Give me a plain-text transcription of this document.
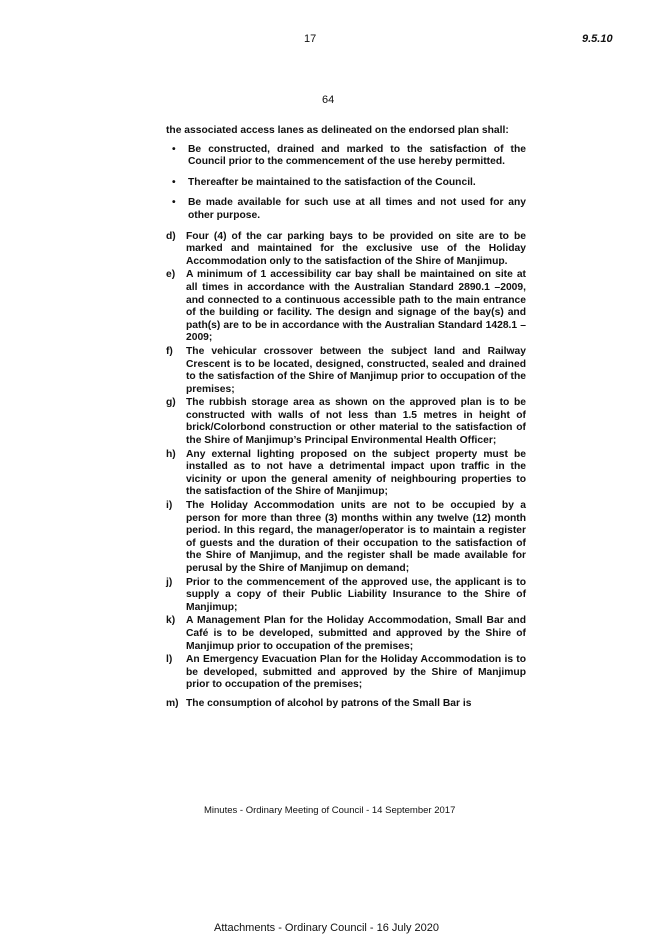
17	9.5.10
64

the associated access lanes as delineated on the endorsed plan shall:

• Be constructed, drained and marked to the satisfaction of the Council prior to the commencement of the use hereby permitted.
• Thereafter be maintained to the satisfaction of the Council.
• Be made available for such use at all times and not used for any other purpose.
d) Four (4) of the car parking bays to be provided on site are to be marked and maintained for the exclusive use of the Holiday Accommodation only to the satisfaction of the Shire of Manjimup.
e)	A minimum of 1 accessibility car bay shall be maintained on site at all times in accordance with the Australian Standard 2890.1 –2009, and connected to a continuous accessible path to the main entrance of the building or facility. The design and signage of the bay(s) and path(s) are to be in accordance with the Australian Standard 1428.1 – 2009;
f)	The vehicular crossover between the subject land and Railway Crescent is to be located, designed, constructed, sealed and drained to the satisfaction of the Shire of Manjimup prior to occupation of the premises;
g) The rubbish storage area as shown on the approved plan is to be constructed with walls of not less than 1.5 metres in height of brick/Colorbond construction or other material to the satisfaction of the Shire of Manjimup’s Principal Environmental Health Officer;
h) Any external lighting proposed on the subject property must be installed as to not have a detrimental impact upon traffic in the vicinity or upon the general amenity of neighbouring properties to the satisfaction of the Shire of Manjimup;
i)	The Holiday Accommodation units are not to be occupied by a person for more than three (3) months within any twelve (12) month period. In this regard, the manager/operator is to maintain a register of guests and the duration of their occupation to the satisfaction of the Shire of Manjimup, and the register shall be made available for perusal by the Shire of Manjimup on demand;
j)	Prior to the commencement of the approved use, the applicant is to supply a copy of their Public Liability Insurance to the Shire of Manjimup;
k)	A Management Plan for the Holiday Accommodation, Small Bar and Café is to be developed, submitted and approved by the Shire of Manjimup prior to occupation of the premises;
l)	An Emergency Evacuation Plan for the Holiday Accommodation is to be developed, submitted and approved by the Shire of Manjimup prior to occupation of the premises;
m) The consumption of alcohol by patrons of the Small Bar is
Minutes - Ordinary Meeting of Council - 14 September 2017
Attachments - Ordinary Council - 16 July 2020
